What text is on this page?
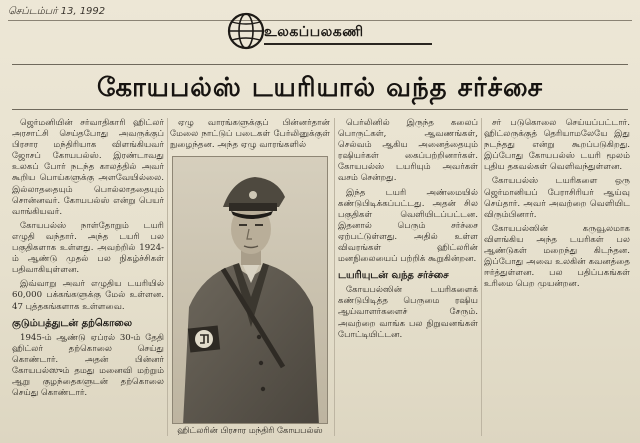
செப்டம்பர் 13, 1992
உலகப்பலகணி
கோயபல்ஸ் டயரியால் வந்த சர்ச்சை

ஜெர்மனியின் சர்வாதிகாரி ஹிட்லர் அரசாட்சி செய்தபோது அவருக்குப் பிரசார மந்திரியாக விளங்கியவர் ஜோசப் கோயபல்ஸ். இரண்டாவது உலகப் போர் நடந்த காலத்தில் அவர் கூறிய பொய்களுக்கு அளவேயில்லை. இல்லாததையும் பொல்லாததையும் சொன்னவர். கோயபல்ஸ் என்று பெயர் வாங்கியவர்.

கோயபல்ஸ் நாள்தோறும் டயரி எழுதி வந்தார். அந்த டயரி பல பகுதிகளாக உள்ளது. அவற்றில் 1924-ம் ஆண்டு முதல் பல நிகழ்ச்சிகள் பதிவாகியுள்ளன.

இவ்வாறு அவர் எழுதிய டயரியில் 60,000 பக்கங்களுக்கு மேல் உள்ளன. 47 புத்தகங்களாக உள்ளவை.

குடும்பத்துடன் தற்கொலை

1945-ம் ஆண்டு ஏப்ரல் 30-ம் தேதி ஹிட்லர் தற்கொலை செய்து கொண்டார். அதன் பின்னர் கோயபல்ஸும் தமது மனைவி மற்றும் ஆறு குழந்தைகளுடன் தற்கொலை செய்து கொண்டார்.

ஏழு வாரங்களுக்குப் பின்னர்தான் மேலை நாட்டுப் படைகள் பேர்லினுக்குள் நுழைந்தன. அந்த ஏழு வாரங்களில்

ஹிட்லரின் பிரசார மந்திரி கோயபல்ஸ்

பெர்லினில் இருந்த கலைப் பொருட்கள், ஆவணங்கள், செல்வம் ஆகிய அனைத்தையும் ரஷியர்கள் கைப்பற்றினார்கள். கோயபல்ஸ் டயரியும் அவர்கள் வசம் சென்றது.

இந்த டயரி அண்மையில் கண்டுபிடிக்கப்பட்டது. அதன் சில பகுதிகள் வெளியிடப்பட்டன. இதனால் பெரும் சர்ச்சை ஏற்பட்டுள்ளது. அதில் உள்ள விவரங்கள் ஹிட்லரின் மனநிலையைப் பற்றிக் கூறுகின்றன.

டயரியுடன் வந்த சர்ச்சை

கோயபல்ஸின் டயரிகளைக் கண்டுபிடித்த பெருமை ரஷிய ஆய்வாளர்களைச் சேரும். அவற்றை வாங்க பல நிறுவனங்கள் போட்டியிட்டன.

சர் படுகொலை செய்யப்பட்டார். ஹிட்லருக்குத் தெரியாமலேயே இது நடந்தது என்று கூறப்படுகிறது. இப்போது கோயபல்ஸ் டயரி மூலம் புதிய தகவல்கள் வெளிவந்துள்ளன.

கோயபல்ஸ் டயரிகளை ஒரு ஜெர்மானியப் பேராசிரியர் ஆய்வு செய்தார். அவர் அவற்றை வெளியிட விரும்பினார்.

கோயபல்ஸின் கருவூலமாக விளங்கிய அந்த டயரிகள் பல ஆண்டுகள் மறைந்து கிடந்தன. இப்போது அவை உலகின் கவனத்தை ஈர்த்துள்ளன. பல பதிப்பகங்கள் உரிமை பெற முயன்றன.
